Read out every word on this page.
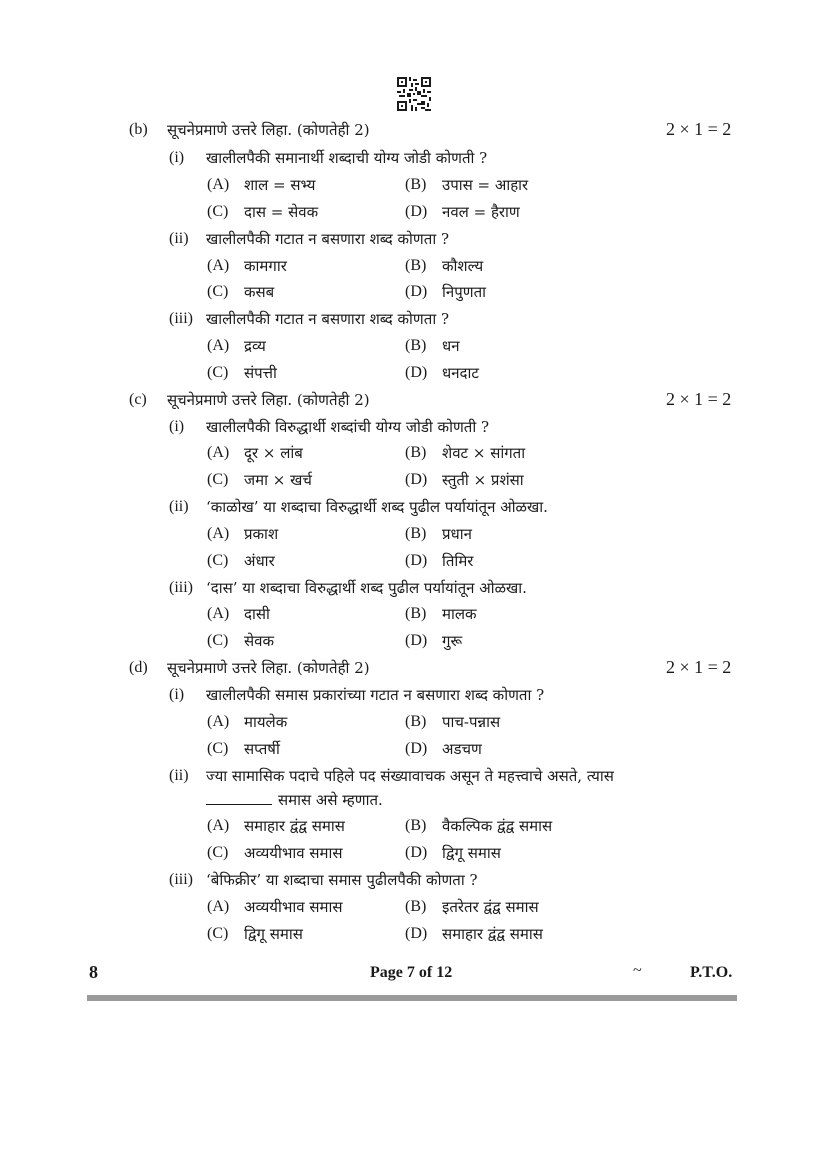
(b) सूचनेप्रमाणे उत्तरे लिहा. (कोणतेही 2)	2 × 1 = 2
(i) खालीलपैकी समानार्थी शब्दाची योग्य जोडी कोणती ?
(A) शाल = सभ्य	(B) उपास = आहार
(C) दास = सेवक	(D) नवल = हैराण
(ii) खालीलपैकी गटात न बसणारा शब्द कोणता ?
(A) कामगार	(B) कौशल्य
(C) कसब	(D) निपुणता
(iii) खालीलपैकी गटात न बसणारा शब्द कोणता ?
(A) द्रव्य	(B) धन
(C) संपत्ती	(D) धनदाट
(c) सूचनेप्रमाणे उत्तरे लिहा. (कोणतेही 2)	2 × 1 = 2
(i) खालीलपैकी विरुद्धार्थी शब्दांची योग्य जोडी कोणती ?
(A) दूर × लांब	(B) शेवट × सांगता
(C) जमा × खर्च	(D) स्तुती × प्रशंसा
(ii) ‘काळोख’ या शब्दाचा विरुद्धार्थी शब्द पुढील पर्यायांतून ओळखा.
(A) प्रकाश	(B) प्रधान
(C) अंधार	(D) तिमिर
(iii) ‘दास’ या शब्दाचा विरुद्धार्थी शब्द पुढील पर्यायांतून ओळखा.
(A) दासी	(B) मालक
(C) सेवक	(D) गुरू
(d) सूचनेप्रमाणे उत्तरे लिहा. (कोणतेही 2)	2 × 1 = 2
(i) खालीलपैकी समास प्रकारांच्या गटात न बसणारा शब्द कोणता ?
(A) मायलेक	(B) पाच-पन्नास
(C) सप्तर्षी	(D) अडचण
(ii) ज्या सामासिक पदाचे पहिले पद संख्यावाचक असून ते महत्त्वाचे असते, त्यास
समास असे म्हणात.
(A) समाहार द्वंद्व समास	(B) वैकल्पिक द्वंद्व समास
(C) अव्ययीभाव समास	(D) द्विगू समास
(iii) ‘बेफिक्रीर’ या शब्दाचा समास पुढीलपैकी कोणता ?
(A) अव्ययीभाव समास	(B) इतरेतर द्वंद्व समास
(C) द्विगू समास	(D) समाहार द्वंद्व समास
8	Page 7 of 12	~	P.T.O.
